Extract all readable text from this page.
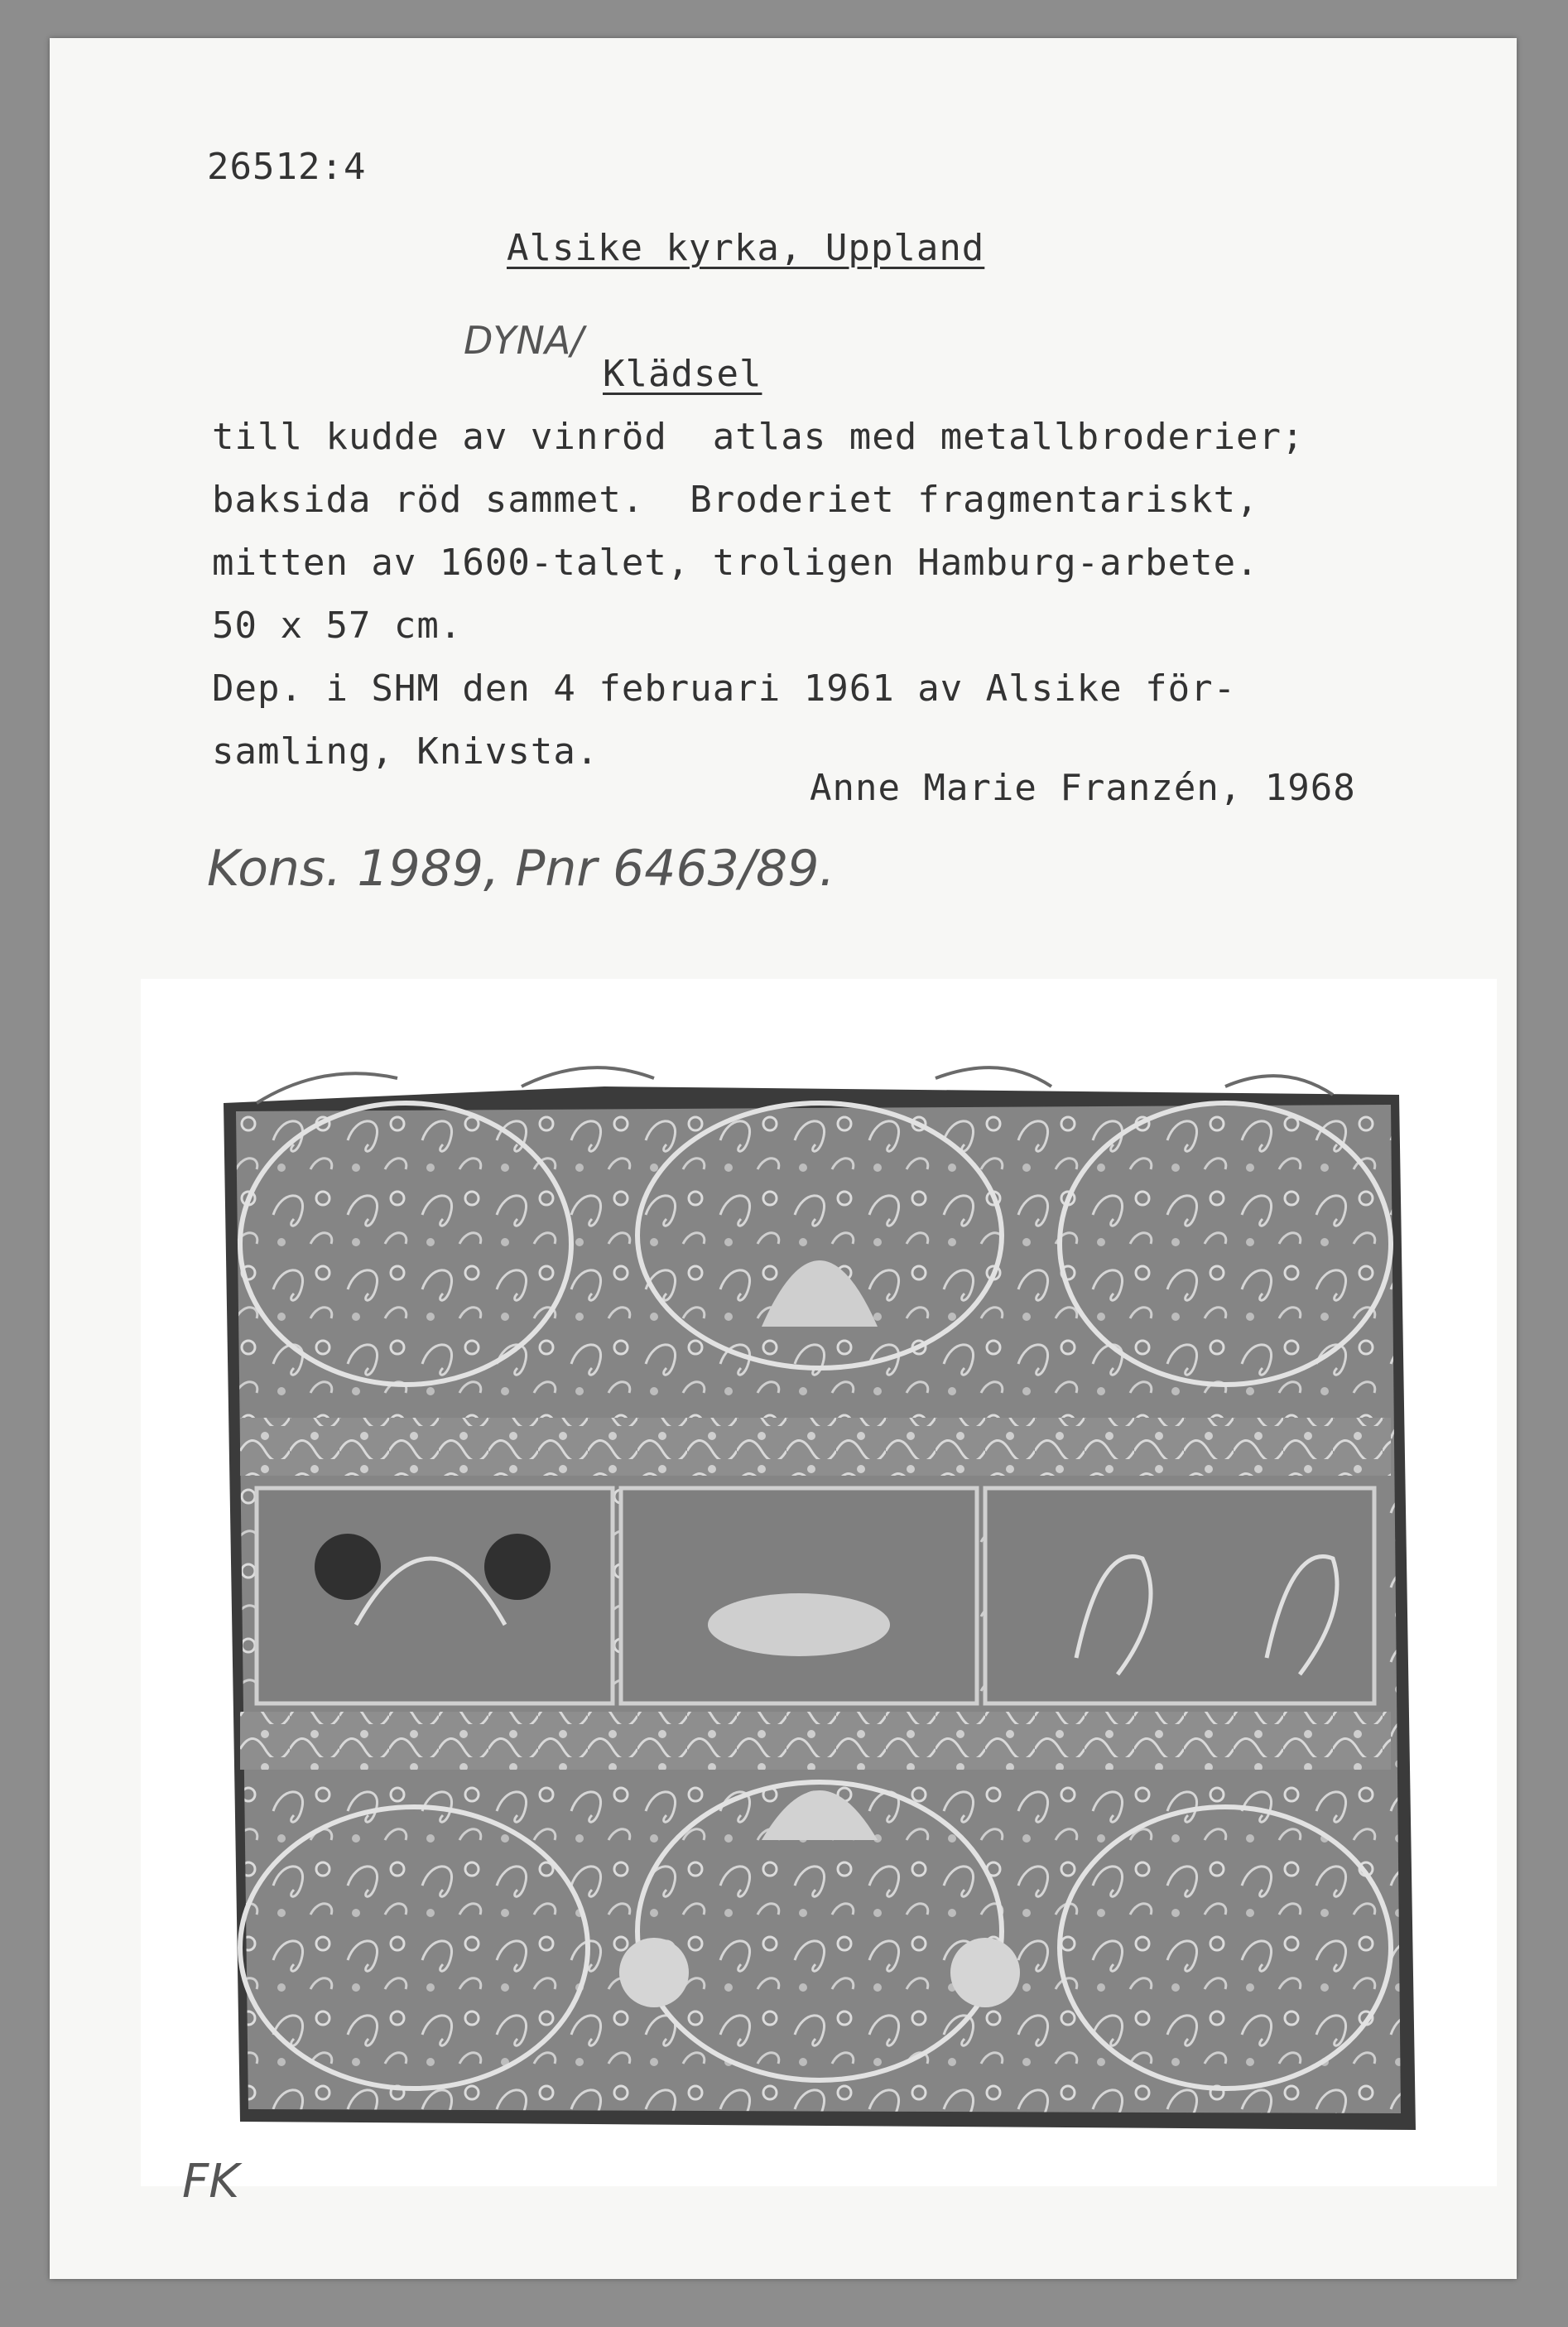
26512:4
Alsike kyrka, Uppland
DYNA/
Klädsel
till kudde av vinröd  atlas med metallbroderier;
baksida röd sammet.  Broderiet fragmentariskt,
mitten av 1600-talet, troligen Hamburg-arbete.
50 x 57 cm.
Dep. i SHM den 4 februari 1961 av Alsike för-
samling, Knivsta.
Anne Marie Franzén, 1968
Kons. 1989, Pnr 6463/89.
FK
